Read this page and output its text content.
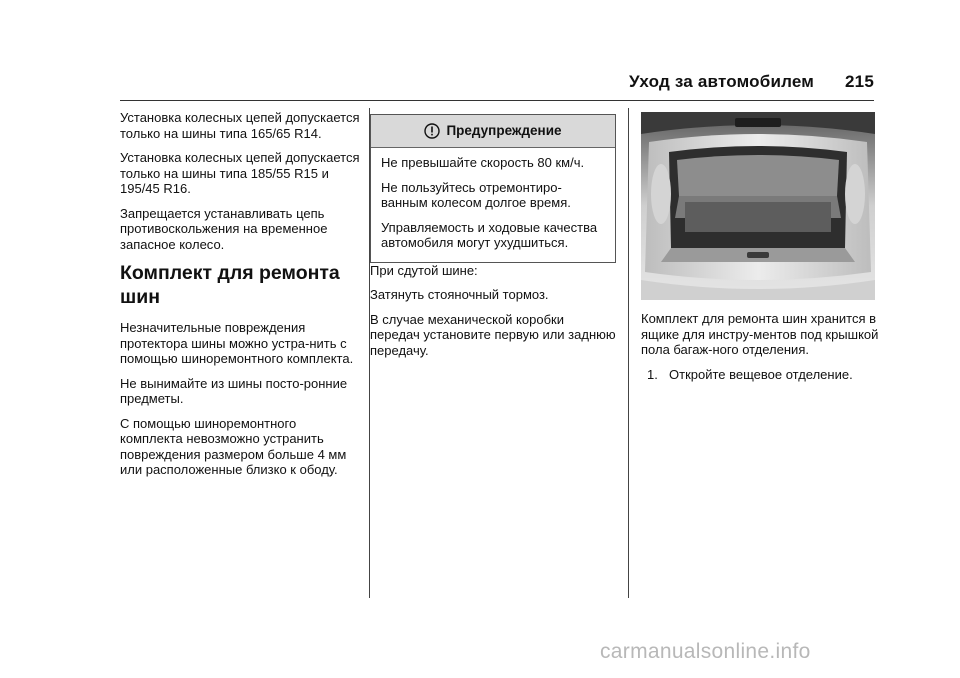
Уход за автомобилем 215

Установка колесных цепей допускается только на шины типа 165/65 R14.

Установка колесных цепей допускается только на шины типа 185/55 R15 и 195/45 R16.

Запрещается устанавливать цепь противоскольжения на временное запасное колесо.

Комплект для ремонта шин

Незначительные повреждения протектора шины можно устра-нить с помощью шиноремонтного комплекта.

Не вынимайте из шины посто-ронние предметы.

С помощью шиноремонтного комплекта невозможно устранить повреждения размером больше 4 мм или расположенные близко к ободу.

Предупреждение

Не превышайте скорость 80 км/ч.

Не пользуйтесь отремонтиро-ванным колесом долгое время.

Управляемость и ходовые качества автомобиля могут ухудшиться.

При сдутой шине:

Затянуть стояночный тормоз.

В случае механической коробки передач установите первую или заднюю передачу.

Комплект для ремонта шин хранится в ящике для инстру-ментов под крышкой пола багаж-ного отделения.

1. Откройте вещевое отделение.
carmanualsonline.info
